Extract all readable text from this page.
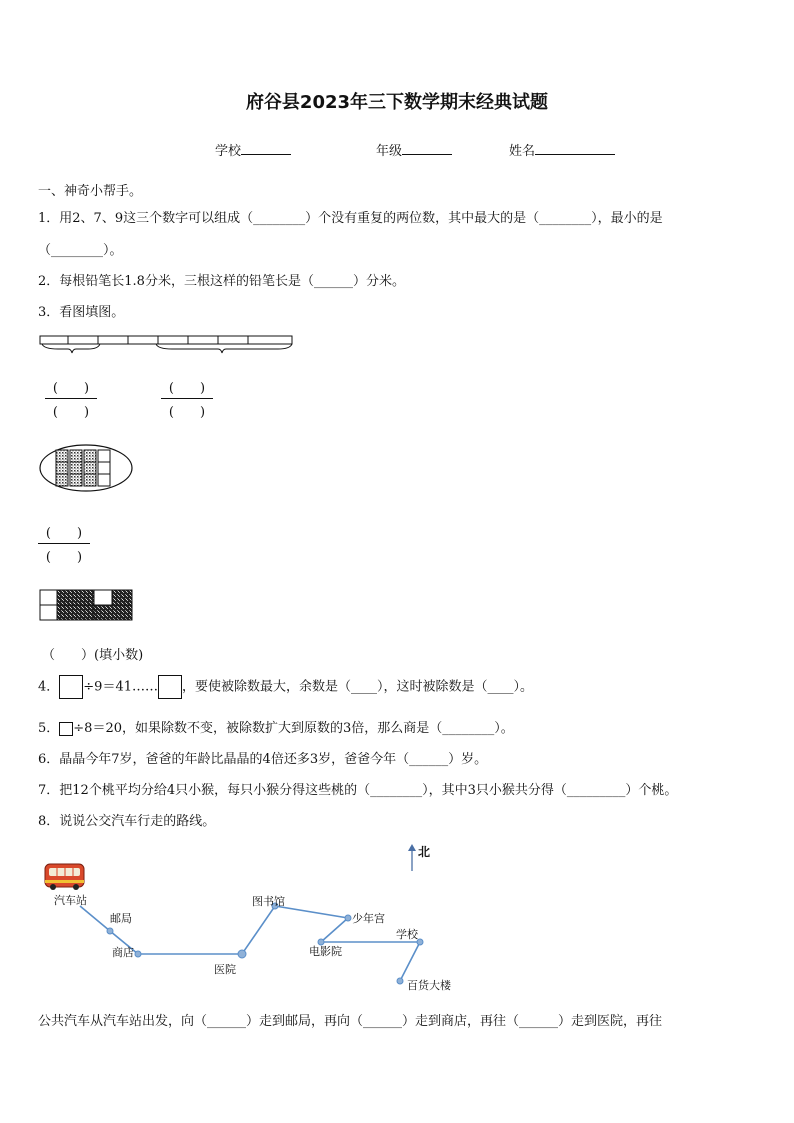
府谷县2023年三下数学期末经典试题
学校	年级	姓名
一、神奇小帮手。
1．用2、7、9这三个数字可以组成（________）个没有重复的两位数，其中最大的是（________），最小的是
（________）。
2．每根铅笔长1.8分米，三根这样的铅笔长是（______）分米。
3．看图填图。
(　　)
(　　)
(　　)
(　　)
(　　)
(　　)
（　　）(填小数)
4． ÷9＝41…… ，要使被除数最大，余数是（____），这时被除数是（____）。
5． ÷8＝20，如果除数不变，被除数扩大到原数的3倍，那么商是（________）。
6．晶晶今年7岁，爸爸的年龄比晶晶的4倍还多3岁，爸爸今年（______）岁。
7．把12个桃平均分给4只小猴，每只小猴分得这些桃的（________），其中3只小猴共分得（_________）个桃。
8．说说公交汽车行走的路线。
北
汽车站
邮局
商店
医院
图书馆
少年宫
电影院
学校
百货大楼
公共汽车从汽车站出发，向（______）走到邮局，再向（______）走到商店，再往（______）走到医院，再往
